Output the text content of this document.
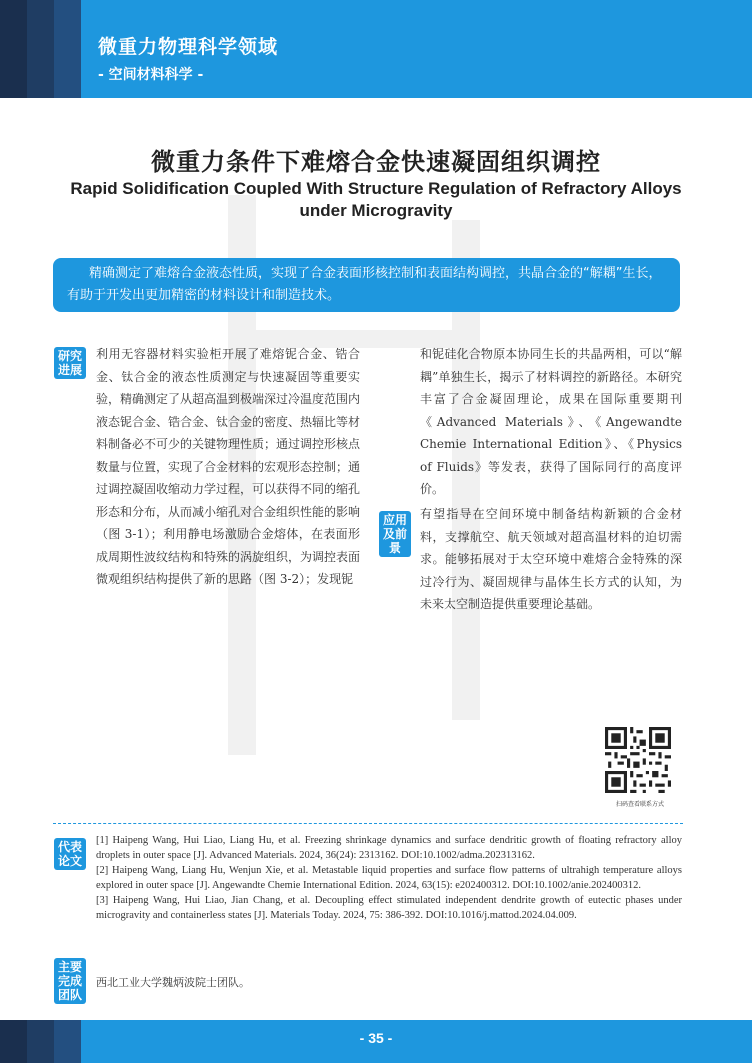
微重力物理科学领域
- 空间材料科学 -
微重力条件下难熔合金快速凝固组织调控
Rapid Solidification Coupled With Structure Regulation of Refractory Alloys under Microgravity
精确测定了难熔合金液态性质，实现了合金表面形核控制和表面结构调控，共晶合金的“解耦”生长，有助于开发出更加精密的材料设计和制造技术。
研究进展
利用无容器材料实验柜开展了难熔铌合金、锆合金、钛合金的液态性质测定与快速凝固等重要实验，精确测定了从超高温到极端深过冷温度范围内液态铌合金、锆合金、钛合金的密度、热辐比等材料制备必不可少的关键物理性质；通过调控形核点数量与位置，实现了合金材料的宏观形态控制；通过调控凝固收缩动力学过程，可以获得不同的缩孔形态和分布，从而减小缩孔对合金组织性能的影响（图 3-1）；利用静电场激励合金熔体，在表面形成周期性波纹结构和特殊的涡旋组织，为调控表面微观组织结构提供了新的思路（图 3-2）；发现铌
和铌硅化合物原本协同生长的共晶两相，可以“解耦”单独生长，揭示了材料调控的新路径。本研究丰富了合金凝固理论，成果在国际重要期刊《Advanced Materials》、《Angewandte Chemie International Edition》、《Physics of Fluids》等发表，获得了国际同行的高度评价。
应用及前景
有望指导在空间环境中制备结构新颖的合金材料，支撑航空、航天领域对超高温材料的迫切需求。能够拓展对于太空环境中难熔合金特殊的深过冷行为、凝固规律与晶体生长方式的认知，为未来太空制造提供重要理论基础。
扫码查看联系方式
代表论文

[1] Haipeng Wang, Hui Liao, Liang Hu, et al. Freezing shrinkage dynamics and surface dendritic growth of floating refractory alloy droplets in outer space [J]. Advanced Materials. 2024, 36(24): 2313162. DOI:10.1002/adma.202313162.

[2] Haipeng Wang, Liang Hu, Wenjun Xie, et al. Metastable liquid properties and surface flow patterns of ultrahigh temperature alloys explored in outer space [J]. Angewandte Chemie International Edition. 2024, 63(15): e202400312. DOI:10.1002/anie.202400312.

[3] Haipeng Wang, Hui Liao, Jian Chang, et al. Decoupling effect stimulated independent dendrite growth of eutectic phases under microgravity and containerless states [J]. Materials Today. 2024, 75: 386-392. DOI:10.1016/j.mattod.2024.04.009.

主要完成团队
西北工业大学魏炳波院士团队。
- 35 -
